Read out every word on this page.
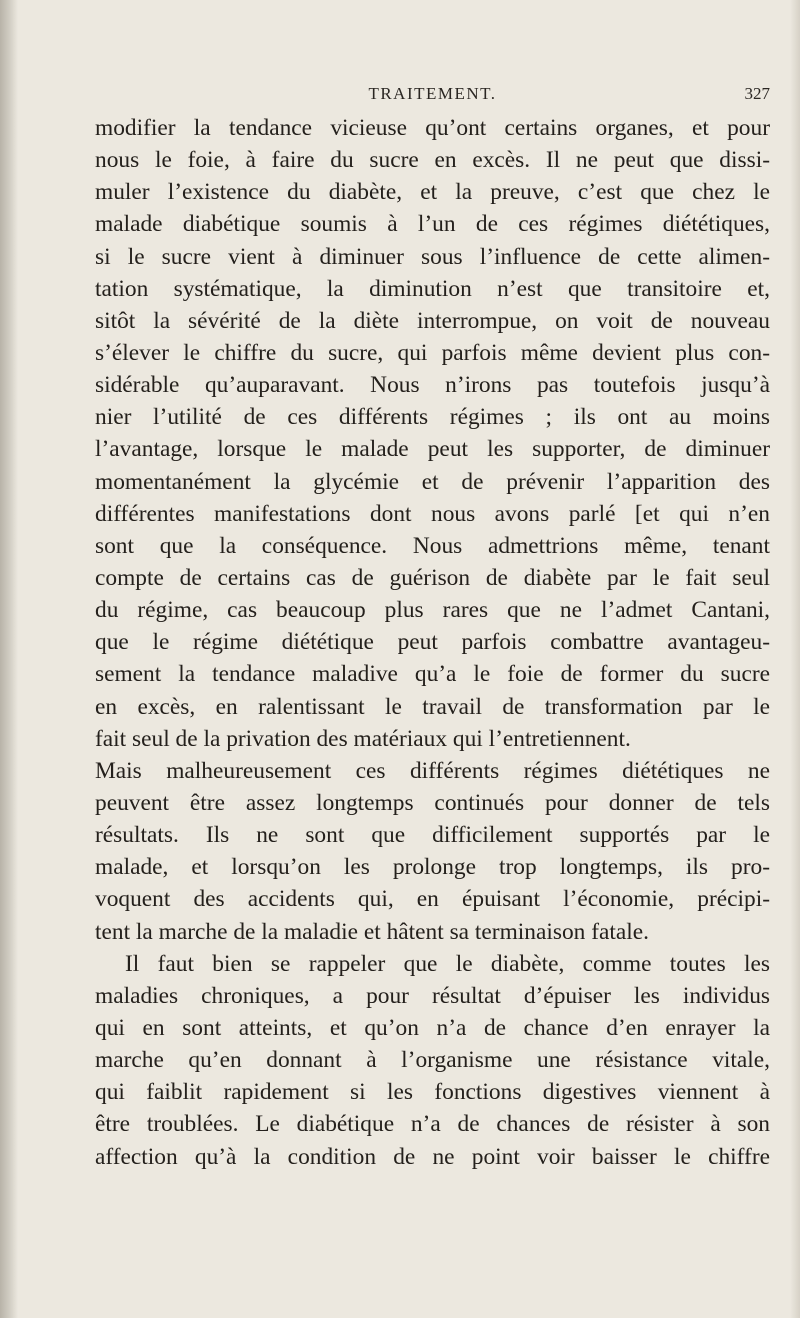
TRAITEMENT.	327
modifier la tendance vicieuse qu’ont certains organes, et pour
nous le foie, à faire du sucre en excès. Il ne peut que dissi-
muler l’existence du diabète, et la preuve, c’est que chez le
malade diabétique soumis à l’un de ces régimes diététiques,
si le sucre vient à diminuer sous l’influence de cette alimen-
tation systématique, la diminution n’est que transitoire et,
sitôt la sévérité de la diète interrompue, on voit de nouveau
s’élever le chiffre du sucre, qui parfois même devient plus con-
sidérable qu’auparavant. Nous n’irons pas toutefois jusqu’à
nier l’utilité de ces différents régimes ; ils ont au moins
l’avantage, lorsque le malade peut les supporter, de diminuer
momentanément la glycémie et de prévenir l’apparition des
différentes manifestations dont nous avons parlé [et qui n’en
sont que la conséquence. Nous admettrions même, tenant
compte de certains cas de guérison de diabète par le fait seul
du régime, cas beaucoup plus rares que ne l’admet Cantani,
que le régime diététique peut parfois combattre avantageu-
sement la tendance maladive qu’a le foie de former du sucre
en excès, en ralentissant le travail de transformation par le
fait seul de la privation des matériaux qui l’entretiennent.
Mais malheureusement ces différents régimes diététiques ne
peuvent être assez longtemps continués pour donner de tels
résultats. Ils ne sont que difficilement supportés par le
malade, et lorsqu’on les prolonge trop longtemps, ils pro-
voquent des accidents qui, en épuisant l’économie, précipi-
tent la marche de la maladie et hâtent sa terminaison fatale.
Il faut bien se rappeler que le diabète, comme toutes les
maladies chroniques, a pour résultat d’épuiser les individus
qui en sont atteints, et qu’on n’a de chance d’en enrayer la
marche qu’en donnant à l’organisme une résistance vitale,
qui faiblit rapidement si les fonctions digestives viennent à
être troublées. Le diabétique n’a de chances de résister à son
affection qu’à la condition de ne point voir baisser le chiffre
